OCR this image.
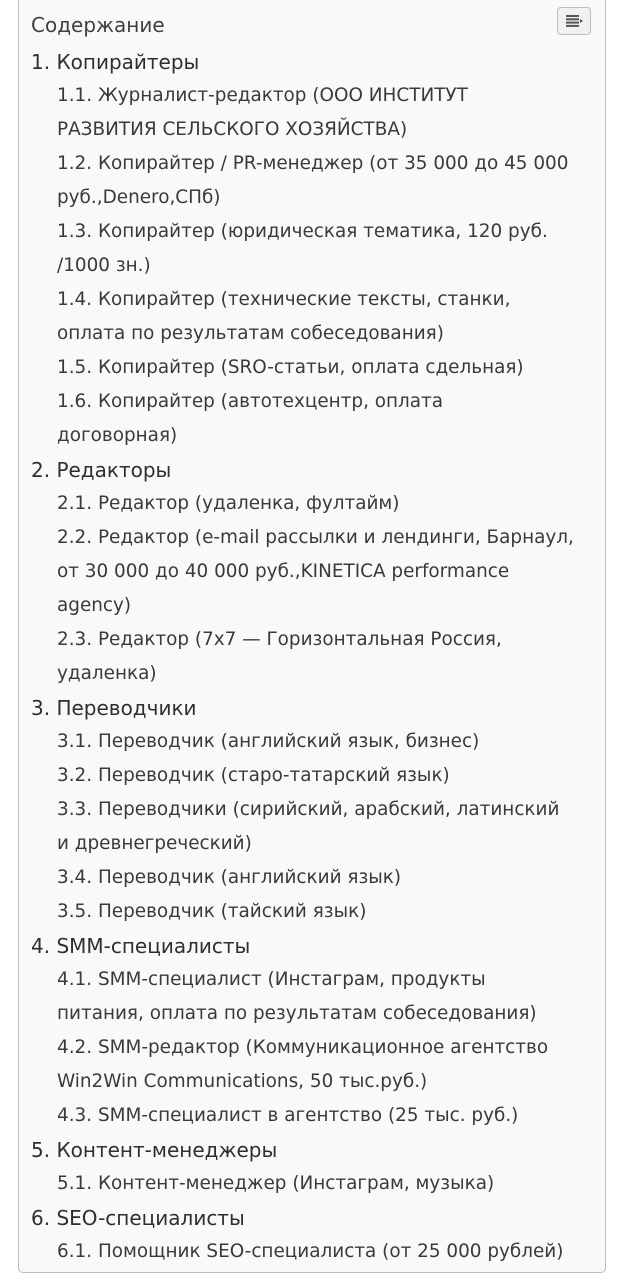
Содержание
1. Копирайтеры
1.1. Журналист-редактор (ООО ИНСТИТУТ
РАЗВИТИЯ СЕЛЬСКОГО ХОЗЯЙСТВА)
1.2. Копирайтер / PR-менеджер (от 35 000 до 45 000
руб.,Denero,СПб)
1.3. Копирайтер (юридическая тематика, 120 руб.
/1000 зн.)
1.4. Копирайтер (технические тексты, станки,
оплата по результатам собеседования)
1.5. Копирайтер (SRO-статьи, оплата сдельная)
1.6. Копирайтер (автотехцентр, оплата
договорная)
2. Редакторы
2.1. Редактор (удаленка, фултайм)
2.2. Редактор (e-mail рассылки и лендинги, Барнаул,
от 30 000 до 40 000 руб.,KINETICA performance
agency)
2.3. Редактор (7x7 — Горизонтальная Россия,
удаленка)
3. Переводчики
3.1. Переводчик (английский язык, бизнес)
3.2. Переводчик (старо-татарский язык)
3.3. Переводчики (сирийский, арабский, латинский
и древнегреческий)
3.4. Переводчик (английский язык)
3.5. Переводчик (тайский язык)
4. SMM-специалисты
4.1. SMM-специалист (Инстаграм, продукты
питания, оплата по результатам собеседования)
4.2. SMM-редактор (Коммуникационное агентство
Win2Win Communications, 50 тыс.руб.)
4.3. SMM-специалист в агентство (25 тыс. руб.)
5. Контент-менеджеры
5.1. Контент-менеджер (Инстаграм, музыка)
6. SEO-специалисты
6.1. Помощник SEO-специалиста (от 25 000 рублей)
